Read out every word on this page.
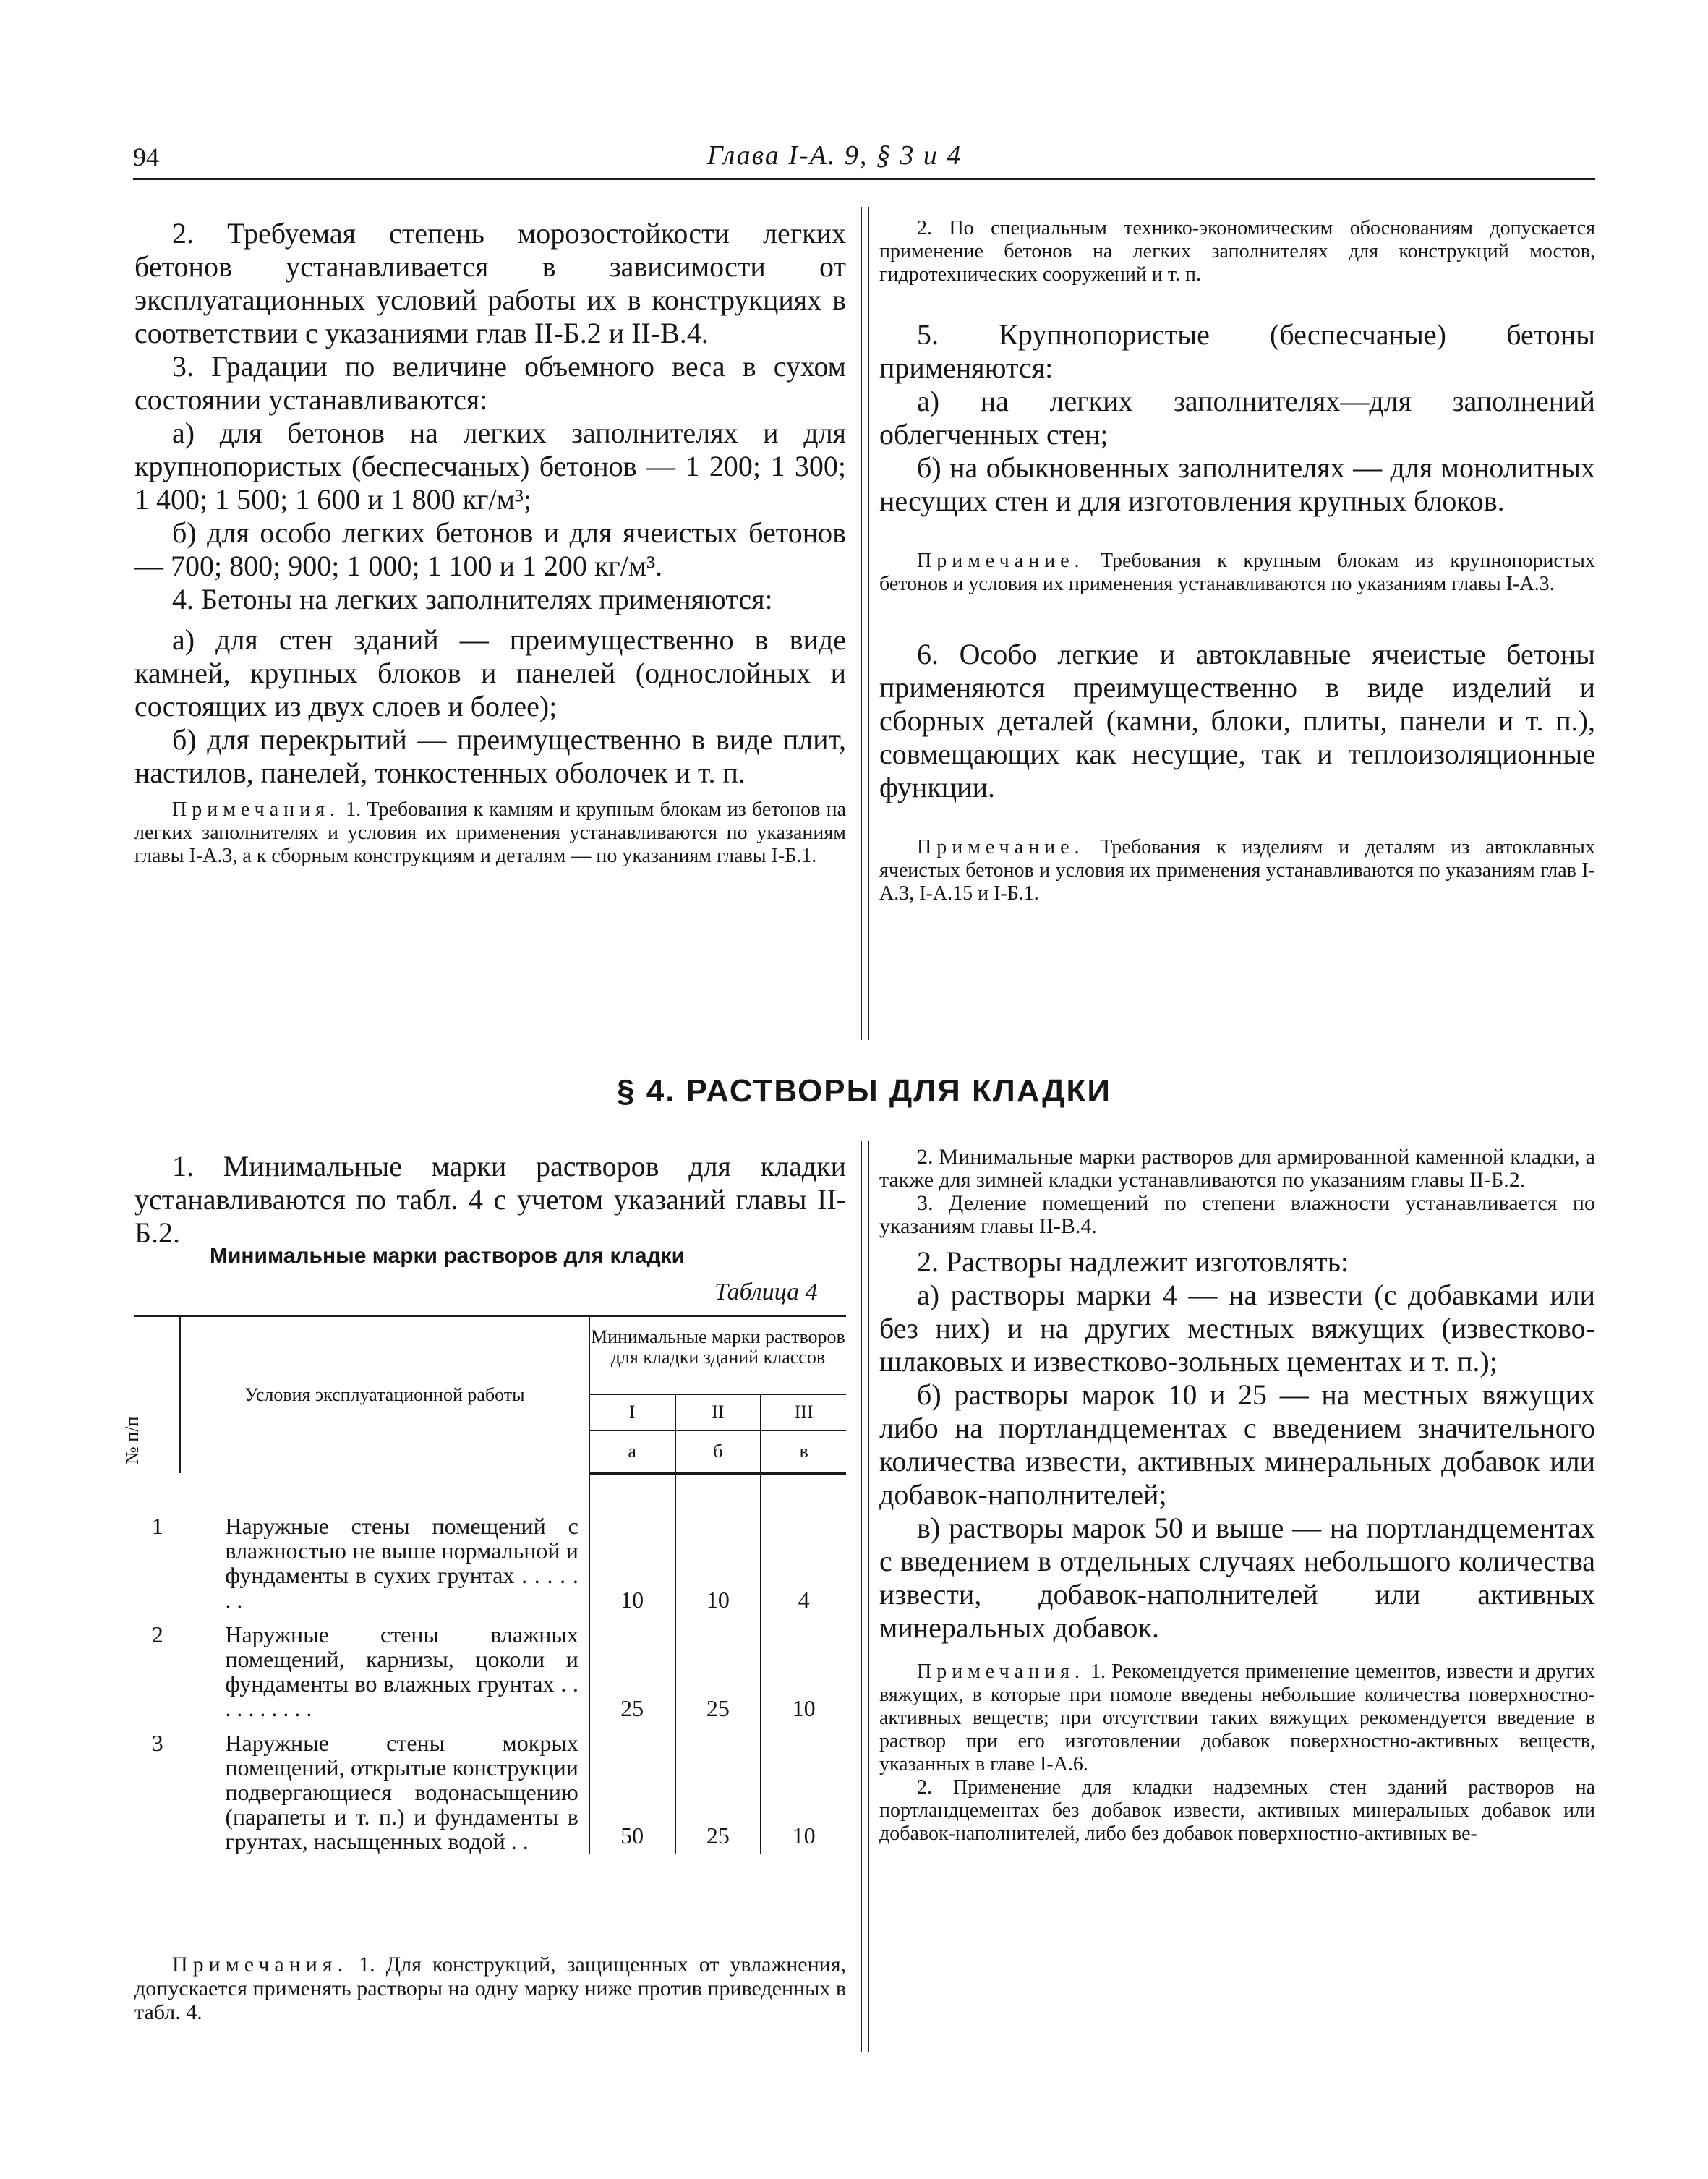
94	Глава I-А. 9, § 3 и 4

2. Требуемая степень морозостойкости легких бетонов устанавливается в зависимости от эксплуатационных условий работы их в конструкциях в соответствии с указаниями глав II-Б.2 и II-В.4.

3. Градации по величине объемного веса в сухом состоянии устанавливаются:

а) для бетонов на легких заполнителях и для крупнопористых (беспесчаных) бетонов — 1 200; 1 300; 1 400; 1 500; 1 600 и 1 800 кг/м³;

б) для особо легких бетонов и для ячеистых бетонов — 700; 800; 900; 1 000; 1 100 и 1 200 кг/м³.

4. Бетоны на легких заполнителях применяются:

а) для стен зданий — преимущественно в виде камней, крупных блоков и панелей (однослойных и состоящих из двух слоев и более);

б) для перекрытий — преимущественно в виде плит, настилов, панелей, тонкостенных оболочек и т. п.

Примечания. 1. Требования к камням и крупным блокам из бетонов на легких заполнителях и условия их применения устанавливаются по указаниям главы I-А.3, а к сборным конструкциям и деталям — по указаниям главы I-Б.1.

2. По специальным технико-экономическим обоснованиям допускается применение бетонов на легких заполнителях для конструкций мостов, гидротехнических сооружений и т. п.

5. Крупнопористые (беспесчаные) бетоны применяются:

а) на легких заполнителях—для заполнений облегченных стен;

б) на обыкновенных заполнителях — для монолитных несущих стен и для изготовления крупных блоков.

Примечание. Требования к крупным блокам из крупнопористых бетонов и условия их применения устанавливаются по указаниям главы I-А.3.

6. Особо легкие и автоклавные ячеистые бетоны применяются преимущественно в виде изделий и сборных деталей (камни, блоки, плиты, панели и т. п.), совмещающих как несущие, так и теплоизоляционные функции.

Примечание. Требования к изделиям и деталям из автоклавных ячеистых бетонов и условия их применения устанавливаются по указаниям глав I-А.3, I-А.15 и I-Б.1.

§ 4. РАСТВОРЫ ДЛЯ КЛАДКИ

1. Минимальные марки растворов для кладки устанавливаются по табл. 4 с учетом указаний главы II-Б.2.

Минимальные марки растворов для кладки
Таблица 4
№ п/п	Условия эксплуатационной работы	Минимальные марки растворов для кладки зданий классов		
		I	II	III
		а	б	в
1	Наружные стены помещений с влажностью не выше нормальной и фундаменты в сухих грунтах . . . . . . .	10	10	4
2	Наружные стены влажных помещений, карнизы, цоколи и фундаменты во влажных грунтах . . . . . . . . . .	25	25	10
3	Наружные стены мокрых помещений, открытые конструкции подвергающиеся водонасыщению (парапеты и т. п.) и фундаменты в грунтах, насыщенных водой . .	50	25	10

Примечания. 1. Для конструкций, защищенных от увлажнения, допускается применять растворы на одну марку ниже против приведенных в табл. 4.

2. Минимальные марки растворов для армированной каменной кладки, а также для зимней кладки устанавливаются по указаниям главы II-Б.2.

3. Деление помещений по степени влажности устанавливается по указаниям главы II-В.4.

2. Растворы надлежит изготовлять:

а) растворы марки 4 — на извести (с добавками или без них) и на других местных вяжущих (известково-шлаковых и известково-зольных цементах и т. п.);

б) растворы марок 10 и 25 — на местных вяжущих либо на портландцементах с введением значительного количества извести, активных минеральных добавок или добавок-наполнителей;

в) растворы марок 50 и выше — на портландцементах с введением в отдельных случаях небольшого количества извести, добавок-наполнителей или активных минеральных добавок.

Примечания. 1. Рекомендуется применение цементов, извести и других вяжущих, в которые при помоле введены небольшие количества поверхностно-активных веществ; при отсутствии таких вяжущих рекомендуется введение в раствор при его изготовлении добавок поверхностно-активных веществ, указанных в главе I-А.6.

2. Применение для кладки надземных стен зданий растворов на портландцементах без добавок извести, активных минеральных добавок или добавок-наполнителей, либо без добавок поверхностно-активных ве-
